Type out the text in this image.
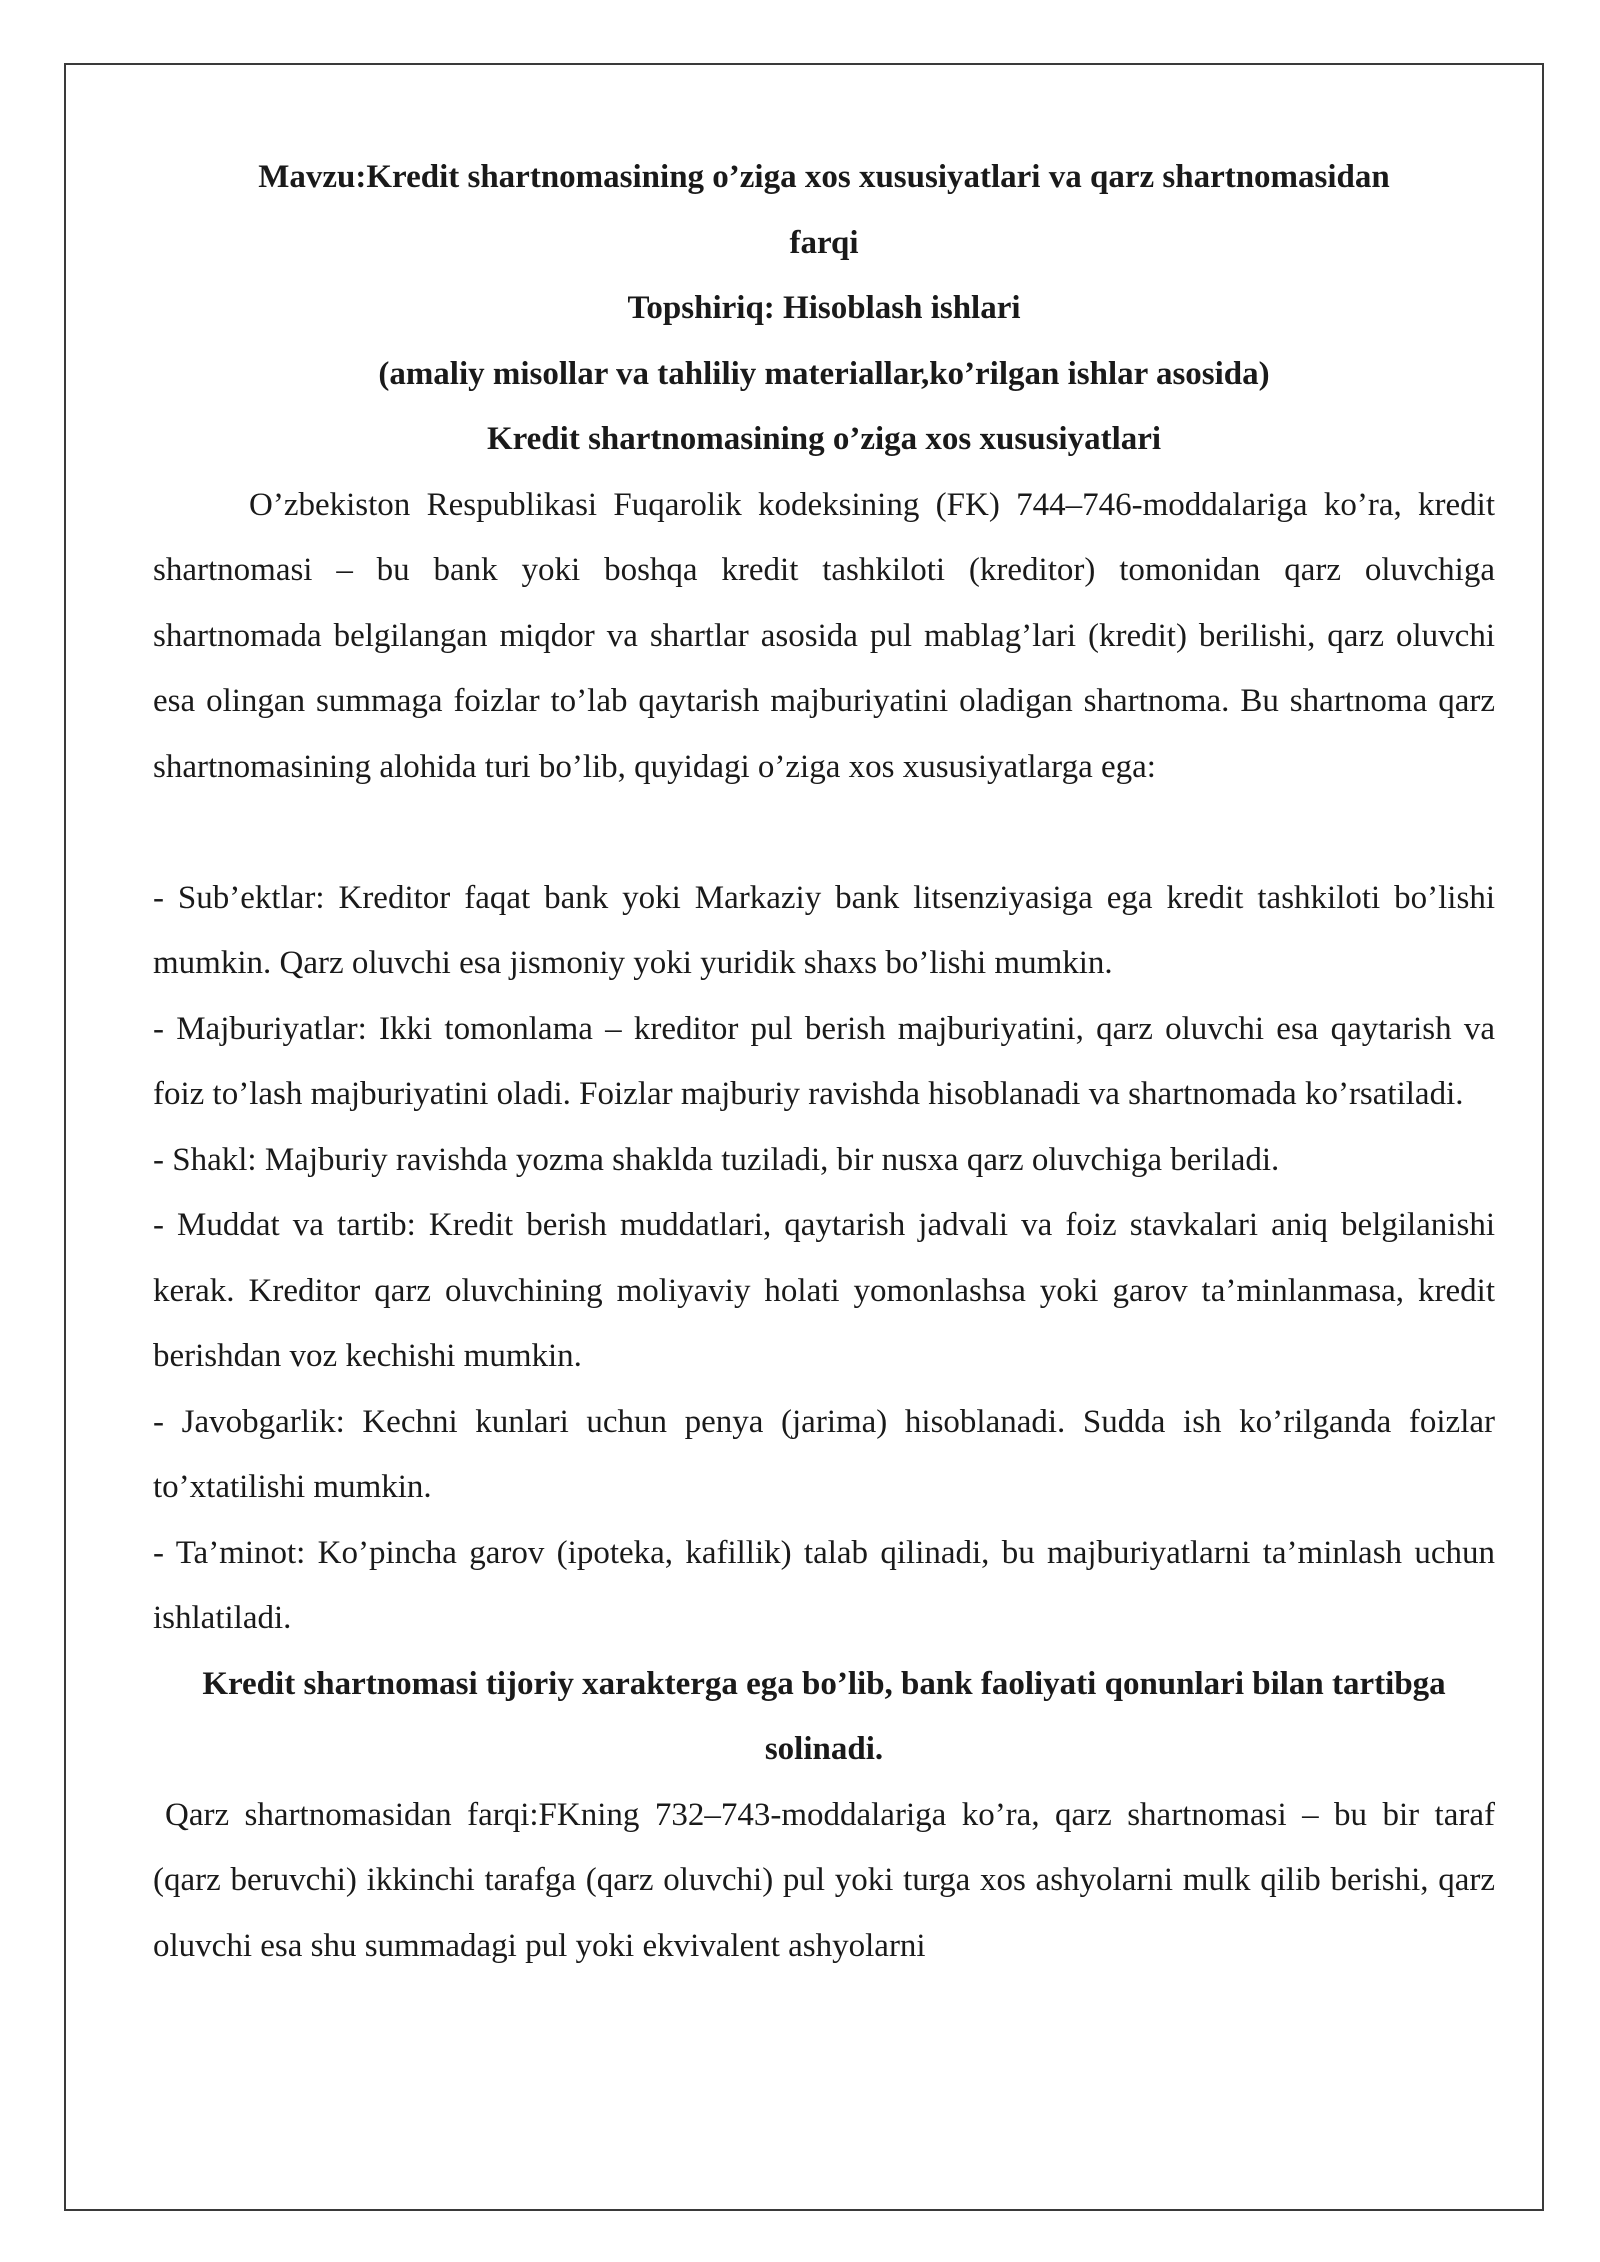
Mavzu:Kredit shartnomasining o’ziga xos xususiyatlari va qarz shartnomasidan

farqi

Topshiriq: Hisoblash ishlari

(amaliy misollar va tahliliy materiallar,ko’rilgan ishlar asosida)

Kredit shartnomasining o’ziga xos xususiyatlari

O’zbekiston Respublikasi Fuqarolik kodeksining (FK) 744–746-moddalariga ko’ra, kredit shartnomasi – bu bank yoki boshqa kredit tashkiloti (kreditor) tomonidan qarz oluvchiga shartnomada belgilangan miqdor va shartlar asosida pul mablag’lari (kredit) berilishi, qarz oluvchi esa olingan summaga foizlar to’lab qaytarish majburiyatini oladigan shartnoma. Bu shartnoma qarz shartnomasining alohida turi bo’lib, quyidagi o’ziga xos xususiyatlarga ega:

- Sub’ektlar: Kreditor faqat bank yoki Markaziy bank litsenziyasiga ega kredit tashkiloti bo’lishi mumkin. Qarz oluvchi esa jismoniy yoki yuridik shaxs bo’lishi mumkin.

- Majburiyatlar: Ikki tomonlama – kreditor pul berish majburiyatini, qarz oluvchi esa qaytarish va foiz to’lash majburiyatini oladi. Foizlar majburiy ravishda hisoblanadi va shartnomada ko’rsatiladi.

- Shakl: Majburiy ravishda yozma shaklda tuziladi, bir nusxa qarz oluvchiga beriladi.

- Muddat va tartib: Kredit berish muddatlari, qaytarish jadvali va foiz stavkalari aniq belgilanishi kerak. Kreditor qarz oluvchining moliyaviy holati yomonlashsa yoki garov ta’minlanmasa, kredit berishdan voz kechishi mumkin.

- Javobgarlik: Kechni kunlari uchun penya (jarima) hisoblanadi. Sudda ish ko’rilganda foizlar to’xtatilishi mumkin.

- Ta’minot: Ko’pincha garov (ipoteka, kafillik) talab qilinadi, bu majburiyatlarni ta’minlash uchun ishlatiladi.

Kredit shartnomasi tijoriy xarakterga ega bo’lib, bank faoliyati qonunlari bilan tartibga solinadi.

Qarz shartnomasidan farqi:FKning 732–743-moddalariga ko’ra, qarz shartnomasi – bu bir taraf (qarz beruvchi) ikkinchi tarafga (qarz oluvchi) pul yoki turga xos ashyolarni mulk qilib berishi, qarz oluvchi esa shu summadagi pul yoki ekvivalent ashyolarni
